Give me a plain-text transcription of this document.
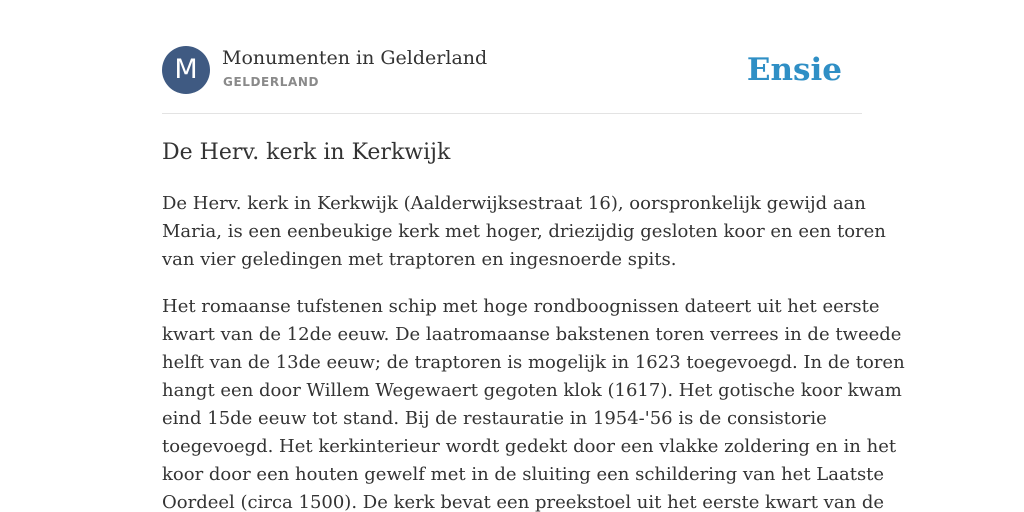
M	Monumenten in Gelderland
GELDERLAND	Ensie
De Herv. kerk in Kerkwijk

De Herv. kerk in Kerkwijk (Aalderwijksestraat 16), oorspronkelijk gewijd aan
Maria, is een eenbeukige kerk met hoger, driezijdig gesloten koor en een toren
van vier geledingen met traptoren en ingesnoerde spits.

Het romaanse tufstenen schip met hoge rondboognissen dateert uit het eerste
kwart van de 12de eeuw. De laatromaanse bakstenen toren verrees in de tweede
helft van de 13de eeuw; de traptoren is mogelijk in 1623 toegevoegd. In de toren
hangt een door Willem Wegewaert gegoten klok (1617). Het gotische koor kwam
eind 15de eeuw tot stand. Bij de restauratie in 1954-'56 is de consistorie
toegevoegd. Het kerkinterieur wordt gedekt door een vlakke zoldering en in het
koor door een houten gewelf met in de sluiting een schildering van het Laatste
Oordeel (circa 1500). De kerk bevat een preekstoel uit het eerste kwart van de
